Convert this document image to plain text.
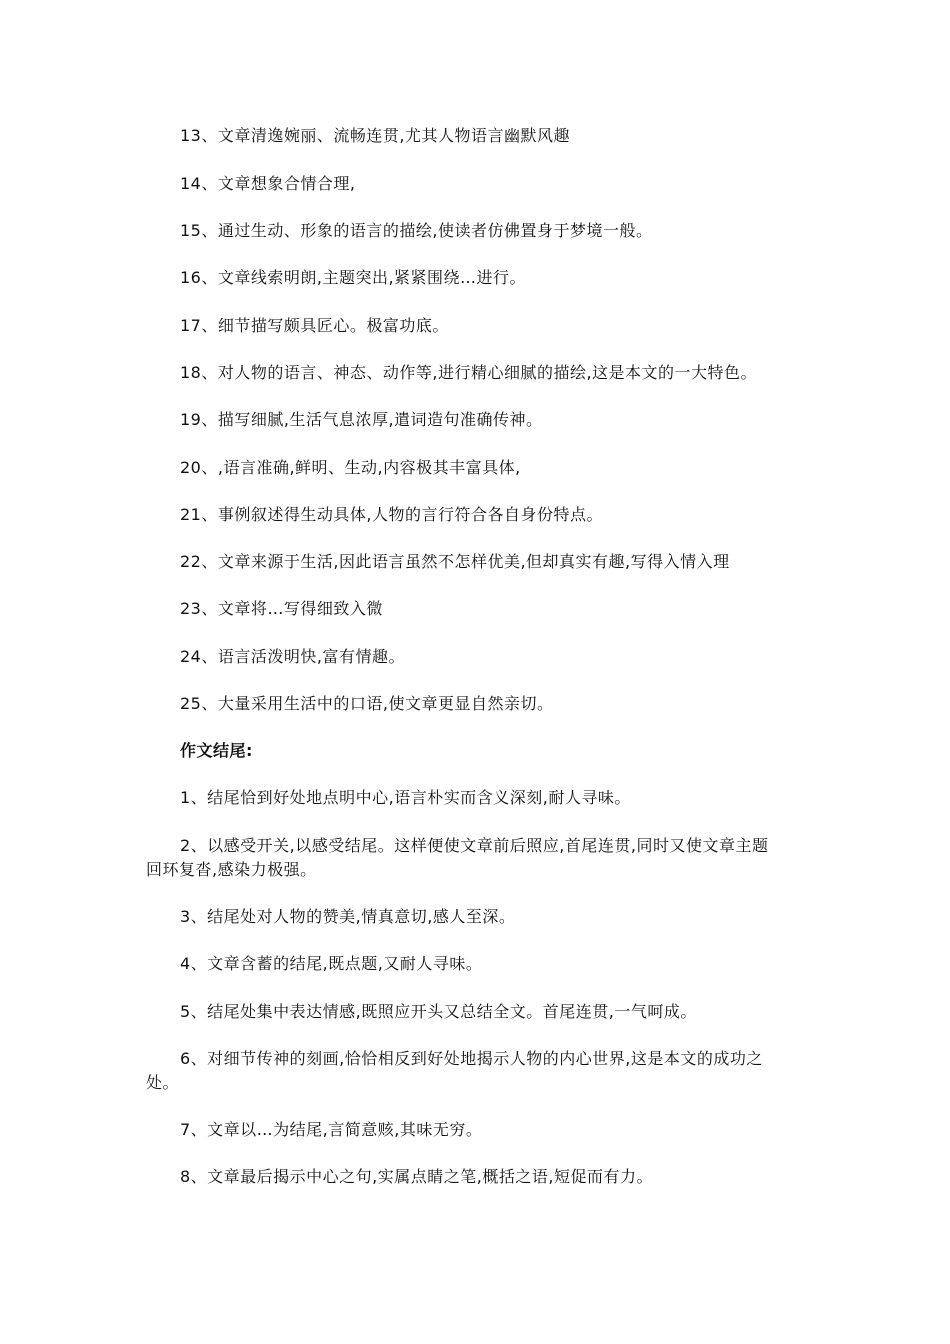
13、文章清逸婉丽、流畅连贯,尤其人物语言幽默风趣
14、文章想象合情合理,
15、通过生动、形象的语言的描绘,使读者仿佛置身于梦境一般。
16、文章线索明朗,主题突出,紧紧围绕…进行。
17、细节描写颇具匠心。极富功底。
18、对人物的语言、神态、动作等,进行精心细腻的描绘,这是本文的一大特色。
19、描写细腻,生活气息浓厚,遣词造句准确传神。
20、,语言准确,鲜明、生动,内容极其丰富具体,
21、事例叙述得生动具体,人物的言行符合各自身份特点。
22、文章来源于生活,因此语言虽然不怎样优美,但却真实有趣,写得入情入理
23、文章将…写得细致入微
24、语言活泼明快,富有情趣。
25、大量采用生活中的口语,使文章更显自然亲切。
作文结尾:
1、结尾恰到好处地点明中心,语言朴实而含义深刻,耐人寻味。
2、以感受开关,以感受结尾。这样便使文章前后照应,首尾连贯,同时又使文章主题
回环复沓,感染力极强。
3、结尾处对人物的赞美,情真意切,感人至深。
4、文章含蓄的结尾,既点题,又耐人寻味。
5、结尾处集中表达情感,既照应开头又总结全文。首尾连贯,一气呵成。
6、对细节传神的刻画,恰恰相反到好处地揭示人物的内心世界,这是本文的成功之
处。
7、文章以…为结尾,言简意赅,其味无穷。
8、文章最后揭示中心之句,实属点睛之笔,概括之语,短促而有力。
